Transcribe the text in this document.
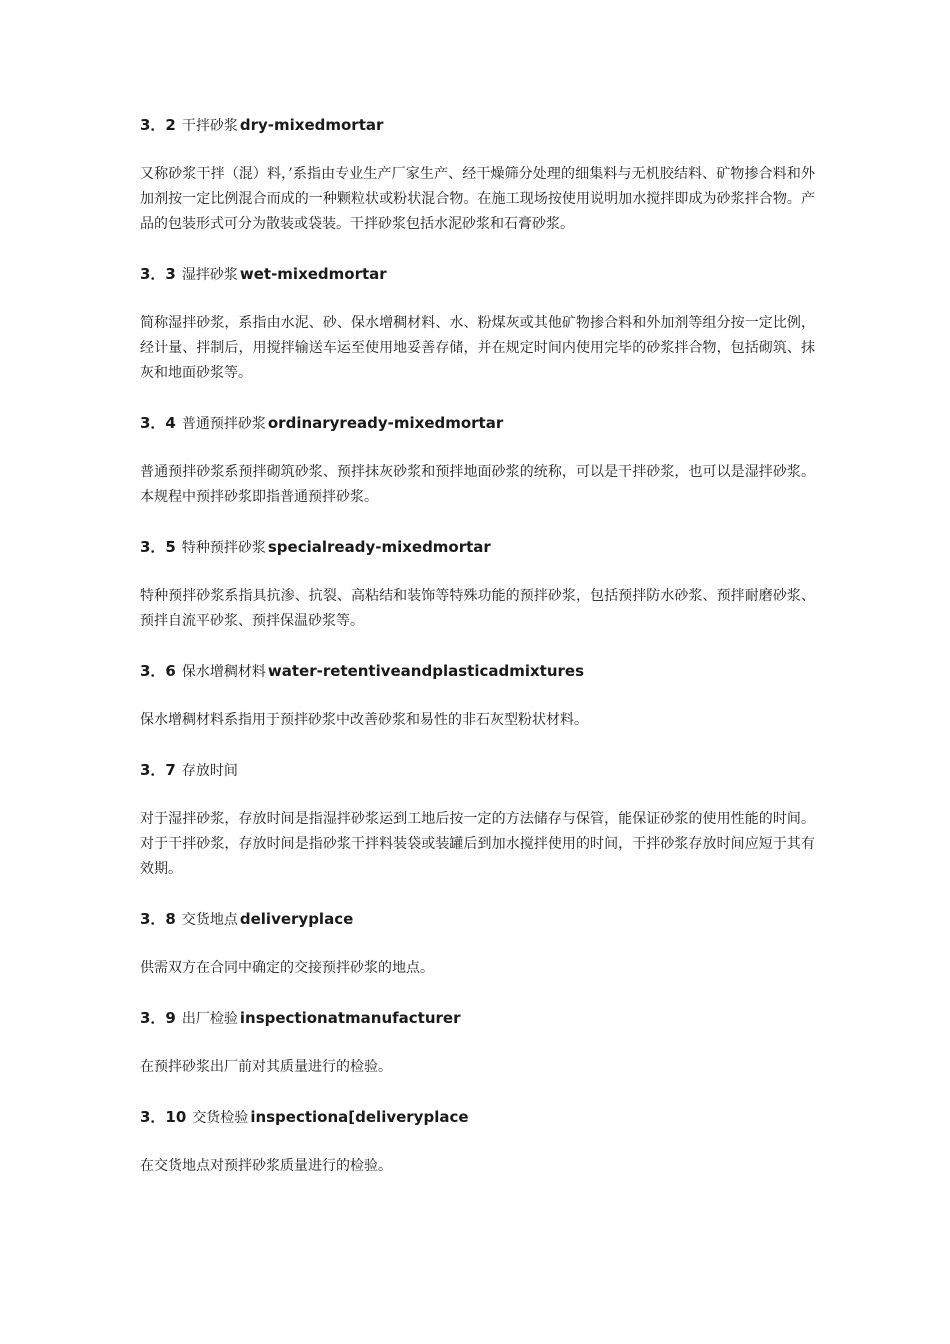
3．2 干拌砂浆 dry-mixedmortar

又称砂浆干拌（混）料，’系指由专业生产厂家生产、经干燥筛分处理的细集料与无机胶结料、矿物掺合料和外加剂按一定比例混合而成的一种颗粒状或粉状混合物。在施工现场按使用说明加水搅拌即成为砂浆拌合物。产品的包装形式可分为散装或袋装。干拌砂浆包括水泥砂浆和石膏砂浆。

3．3 湿拌砂浆 wet-mixedmortar

简称湿拌砂浆，系指由水泥、砂、保水增稠材料、水、粉煤灰或其他矿物掺合料和外加剂等组分按一定比例，经计量、拌制后，用搅拌输送车运至使用地妥善存储，并在规定时间内使用完毕的砂浆拌合物，包括砌筑、抹灰和地面砂浆等。

3．4 普通预拌砂浆 ordinaryready-mixedmortar

普通预拌砂浆系预拌砌筑砂浆、预拌抹灰砂浆和预拌地面砂浆的统称，可以是干拌砂浆，也可以是湿拌砂浆。本规程中预拌砂浆即指普通预拌砂浆。

3．5 特种预拌砂浆 specialready-mixedmortar

特种预拌砂浆系指具抗渗、抗裂、高粘结和装饰等特殊功能的预拌砂浆，包括预拌防水砂浆、预拌耐磨砂浆、预拌自流平砂浆、预拌保温砂浆等。

3．6 保水增稠材料 water-retentiveandplasticadmixtures

保水增稠材料系指用于预拌砂浆中改善砂浆和易性的非石灰型粉状材料。

3．7 存放时间

对于湿拌砂浆，存放时间是指湿拌砂浆运到工地后按一定的方法储存与保管，能保证砂浆的使用性能的时间。对于干拌砂浆，存放时间是指砂浆干拌料装袋或装罐后到加水搅拌使用的时间，干拌砂浆存放时间应短于其有效期。

3．8 交货地点 deliveryplace

供需双方在合同中确定的交接预拌砂浆的地点。

3．9 出厂检验 inspectionatmanufacturer

在预拌砂浆出厂前对其质量进行的检验。

3．10 交货检验 inspectiona[deliveryplace

在交货地点对预拌砂浆质量进行的检验。
